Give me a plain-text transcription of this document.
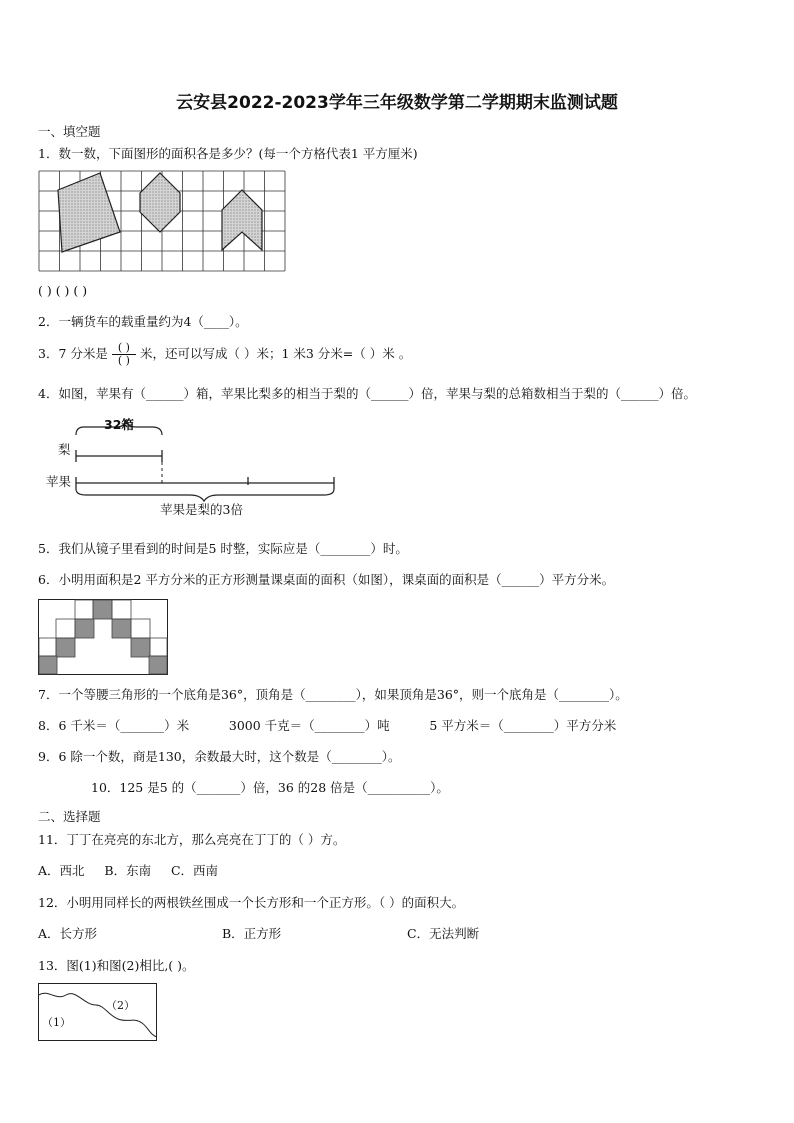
云安县2022-2023学年三年级数学第二学期期末监测试题
一、填空题
1．数一数，下面图形的面积各是多少？(每一个方格代表1 平方厘米)
( ) ( ) ( )
2．一辆货车的载重量约为4（____）。
3．7 分米是 $\frac{( )}{( )}$ 米，还可以写成（ ）米；1 米3 分米=（ ）米 。
4．如图，苹果有（______）箱，苹果比梨多的相当于梨的（______）倍，苹果与梨的总箱数相当于梨的（______）倍。
32箱
梨
苹果
苹果是梨的3倍
5．我们从镜子里看到的时间是5 时整，实际应是（________）时。
6．小明用面积是2 平方分米的正方形测量课桌面的面积（如图），课桌面的面积是（______）平方分米。
7．一个等腰三角形的一个底角是36°，顶角是（________），如果顶角是36°，则一个底角是（________）。
8．6 千米＝（_______）米          3000 千克＝（________）吨          5 平方米＝（________）平方分米
9．6 除一个数，商是130，余数最大时，这个数是（________）。
10．125 是5 的（_______）倍，36 的28 倍是（__________）。
二、选择题
11．丁丁在亮亮的东北方，那么亮亮在丁丁的（ ）方。
A．西北     B．东南     C．西南
12．小明用同样长的两根铁丝围成一个长方形和一个正方形。（ ）的面积大。
A．长方形	B．正方形	C．无法判断
13．图(1)和图(2)相比,( )。
（1）
（2）
